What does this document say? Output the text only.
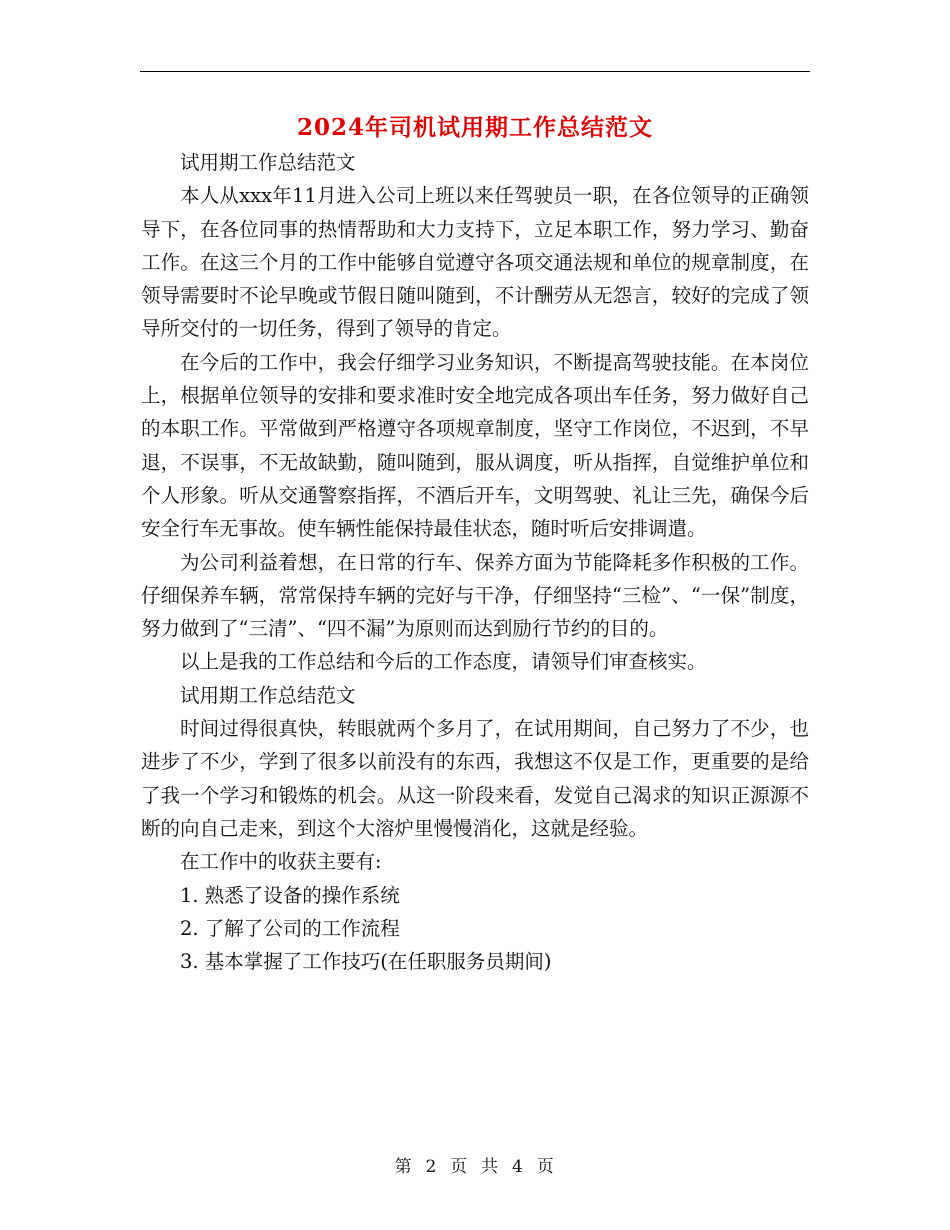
2024年司机试用期工作总结范文

试用期工作总结范文

本人从xxx年11月进入公司上班以来任驾驶员一职，在各位领导的正确领导下，在各位同事的热情帮助和大力支持下，立足本职工作，努力学习、勤奋工作。在这三个月的工作中能够自觉遵守各项交通法规和单位的规章制度，在领导需要时不论早晚或节假日随叫随到，不计酬劳从无怨言，较好的完成了领导所交付的一切任务，得到了领导的肯定。

在今后的工作中，我会仔细学习业务知识，不断提高驾驶技能。在本岗位上，根据单位领导的安排和要求准时安全地完成各项出车任务，努力做好自己的本职工作。平常做到严格遵守各项规章制度，坚守工作岗位，不迟到，不早退，不误事，不无故缺勤，随叫随到，服从调度，听从指挥，自觉维护单位和个人形象。听从交通警察指挥，不酒后开车，文明驾驶、礼让三先，确保今后安全行车无事故。使车辆性能保持最佳状态，随时听后安排调遣。

为公司利益着想，在日常的行车、保养方面为节能降耗多作积极的工作。仔细保养车辆，常常保持车辆的完好与干净，仔细坚持“三检”、“一保”制度，努力做到了“三清”、“四不漏”为原则而达到励行节约的目的。

以上是我的工作总结和今后的工作态度，请领导们审查核实。

试用期工作总结范文

时间过得很真快，转眼就两个多月了，在试用期间，自己努力了不少，也进步了不少，学到了很多以前没有的东西，我想这不仅是工作，更重要的是给了我一个学习和锻炼的机会。从这一阶段来看，发觉自己渴求的知识正源源不断的向自己走来，到这个大溶炉里慢慢消化，这就是经验。

在工作中的收获主要有:

1. 熟悉了设备的操作系统
2. 了解了公司的工作流程
3. 基本掌握了工作技巧(在任职服务员期间)
第 2 页 共 4 页
